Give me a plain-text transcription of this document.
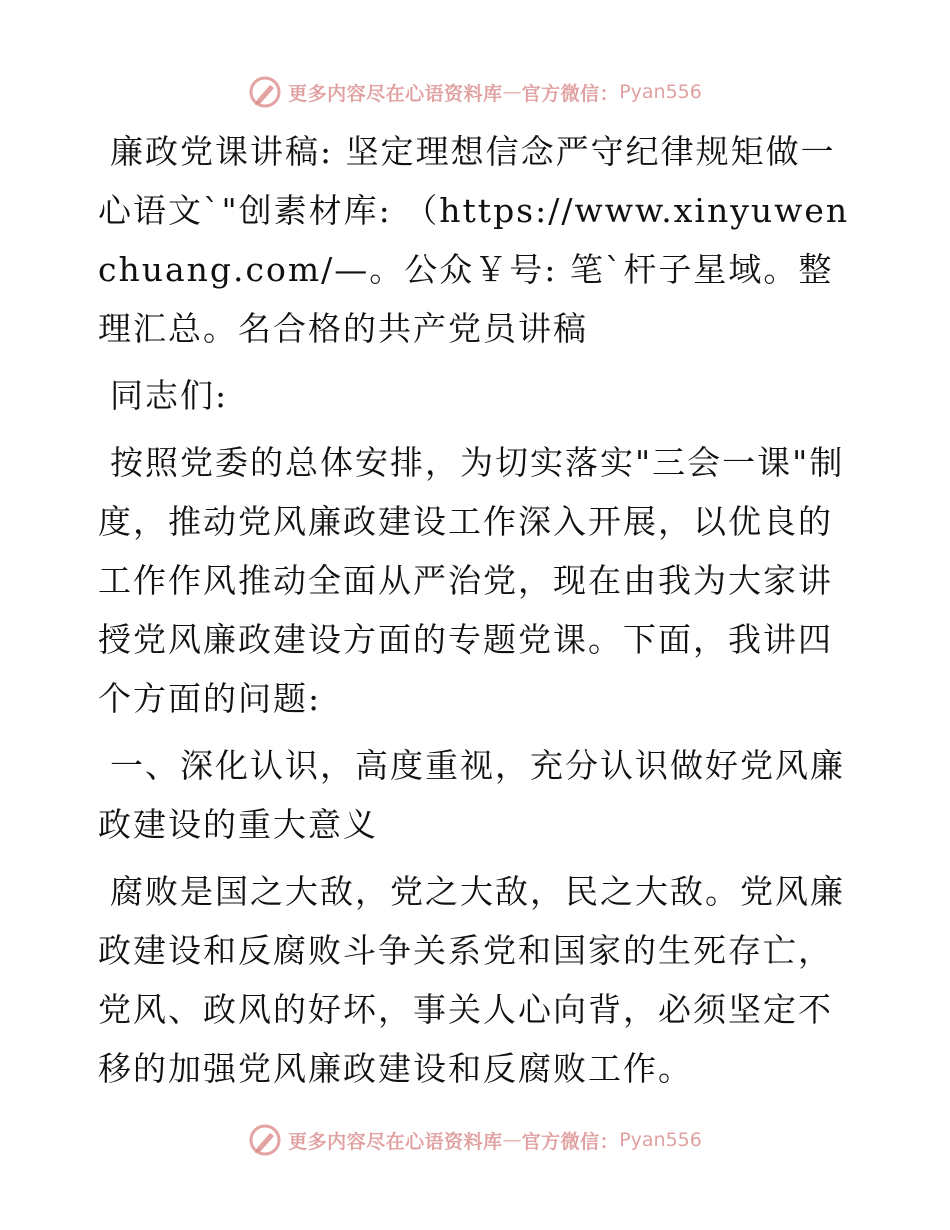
更多内容尽在心语资料库 — 官方微信： Pyan556

廉政党课讲稿: 坚定理想信念严守纪律规矩做一心语文`"创素材库: （https://www.xinyuwenchuang.com/—。公众￥号: 笔`杆子星域。整理汇总。名合格的共产党员讲稿

同志们:

按照党委的总体安排，为切实落实"三会一课"制度，推动党风廉政建设工作深入开展，以优良的工作作风推动全面从严治党，现在由我为大家讲授党风廉政建设方面的专题党课。下面，我讲四个方面的问题:

一、深化认识，高度重视，充分认识做好党风廉政建设的重大意义

腐败是国之大敌，党之大敌，民之大敌。党风廉政建设和反腐败斗争关系党和国家的生死存亡，党风、政风的好坏，事关人心向背，必须坚定不移的加强党风廉政建设和反腐败工作。

更多内容尽在心语资料库 — 官方微信： Pyan556
